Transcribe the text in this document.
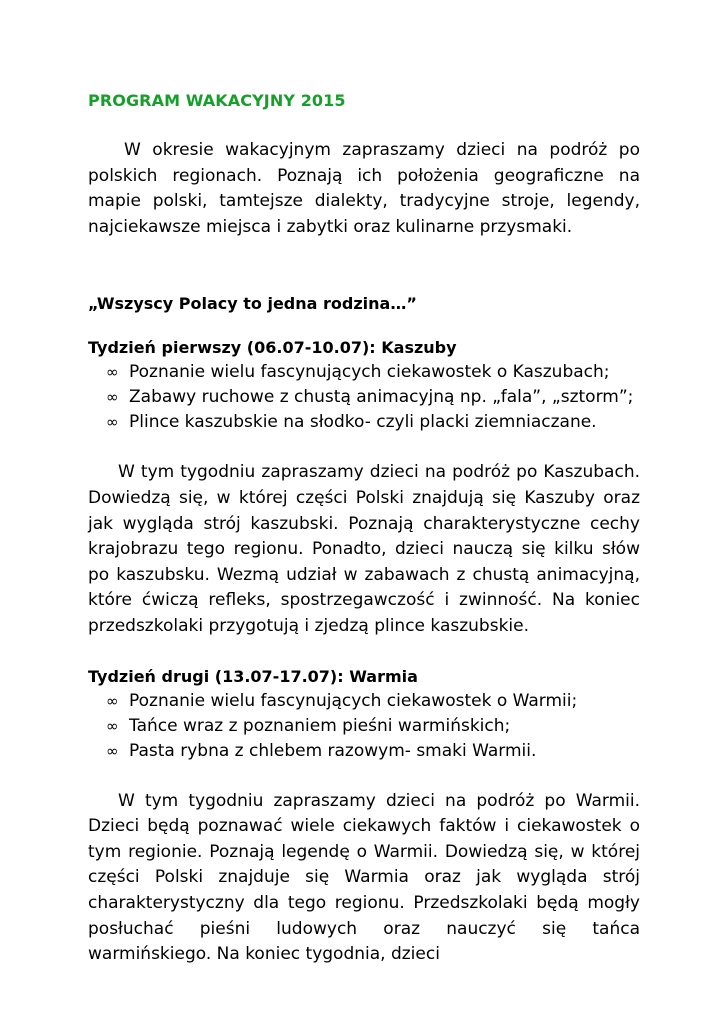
PROGRAM WAKACYJNY 2015

W okresie wakacyjnym zapraszamy dzieci na podróż po polskich regionach. Poznają ich położenia geograficzne na mapie polski, tamtejsze dialekty, tradycyjne stroje, legendy, najciekawsze miejsca i zabytki oraz kulinarne przysmaki.

„Wszyscy Polacy to jedna rodzina…”

Tydzień pierwszy (06.07-10.07): Kaszuby
∞ Poznanie wielu fascynujących ciekawostek o Kaszubach;
∞ Zabawy ruchowe z chustą animacyjną np. „fala”, „sztorm”;
∞ Plince kaszubskie na słodko- czyli placki ziemniaczane.

W tym tygodniu zapraszamy dzieci na podróż po Kaszubach. Dowiedzą się, w której części Polski znajdują się Kaszuby oraz jak wygląda strój kaszubski. Poznają charakterystyczne cechy krajobrazu tego regionu. Ponadto, dzieci nauczą się kilku słów po kaszubsku. Wezmą udział w zabawach z chustą animacyjną, które ćwiczą refleks, spostrzegawczość i zwinność. Na koniec przedszkolaki przygotują i zjedzą plince kaszubskie.

Tydzień drugi (13.07-17.07): Warmia
∞ Poznanie wielu fascynujących ciekawostek o Warmii;
∞ Tańce wraz z poznaniem pieśni warmińskich;
∞ Pasta rybna z chlebem razowym- smaki Warmii.

W tym tygodniu zapraszamy dzieci na podróż po Warmii. Dzieci będą poznawać wiele ciekawych faktów i ciekawostek o tym regionie. Poznają legendę o Warmii. Dowiedzą się, w której części Polski znajduje się Warmia oraz jak wygląda strój charakterystyczny dla tego regionu. Przedszkolaki będą mogły posłuchać pieśni ludowych oraz nauczyć się tańca warmińskiego. Na koniec tygodnia, dzieci
